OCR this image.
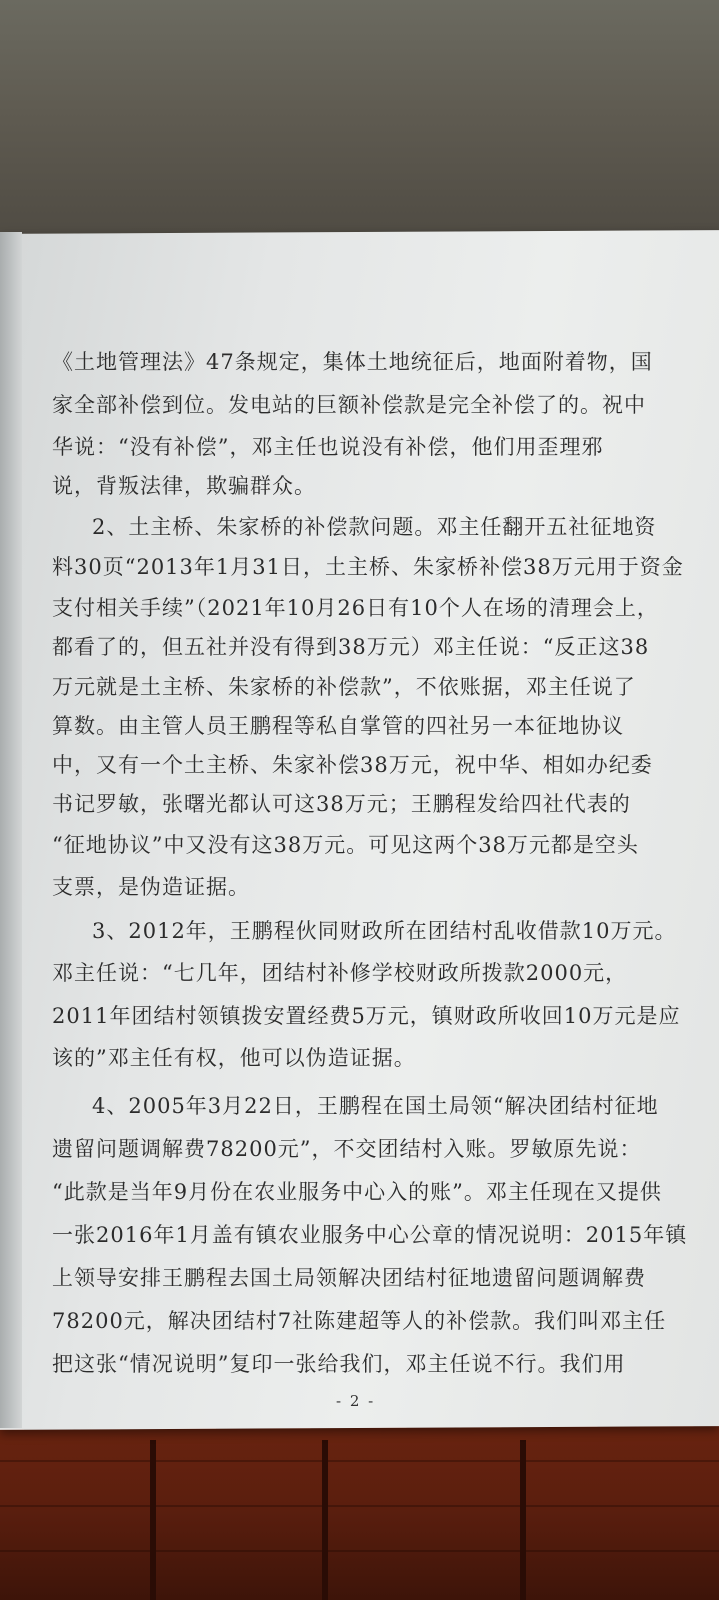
《土地管理法》47条规定，集体土地统征后，地面附着物，国
家全部补偿到位。发电站的巨额补偿款是完全补偿了的。祝中
华说：“没有补偿”，邓主任也说没有补偿，他们用歪理邪
说，背叛法律，欺骗群众。
2、土主桥、朱家桥的补偿款问题。邓主任翻开五社征地资
料30页“2013年1月31日，土主桥、朱家桥补偿38万元用于资金
支付相关手续”（2021年10月26日有10个人在场的清理会上，
都看了的，但五社并没有得到38万元）邓主任说：“反正这38
万元就是土主桥、朱家桥的补偿款”，不依账据，邓主任说了
算数。由主管人员王鹏程等私自掌管的四社另一本征地协议
中，又有一个土主桥、朱家补偿38万元，祝中华、相如办纪委
书记罗敏，张曙光都认可这38万元；王鹏程发给四社代表的
“征地协议”中又没有这38万元。可见这两个38万元都是空头
支票，是伪造证据。
3、2012年，王鹏程伙同财政所在团结村乱收借款10万元。
邓主任说：“七几年，团结村补修学校财政所拨款2000元，
2011年团结村领镇拨安置经费5万元，镇财政所收回10万元是应
该的”邓主任有权，他可以伪造证据。
4、2005年3月22日，王鹏程在国土局领“解决团结村征地
遗留问题调解费78200元”，不交团结村入账。罗敏原先说：
“此款是当年9月份在农业服务中心入的账”。邓主任现在又提供
一张2016年1月盖有镇农业服务中心公章的情况说明：2015年镇
上领导安排王鹏程去国土局领解决团结村征地遗留问题调解费
78200元，解决团结村7社陈建超等人的补偿款。我们叫邓主任
把这张“情况说明”复印一张给我们，邓主任说不行。我们用
- 2 -
